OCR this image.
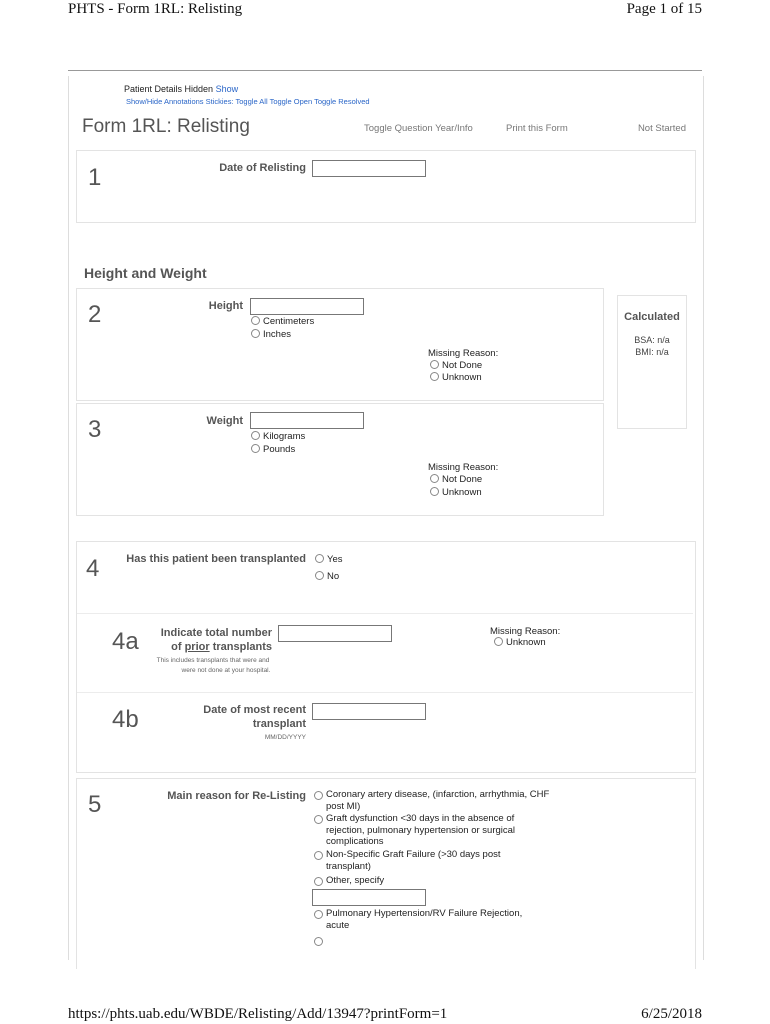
PHTS - Form 1RL: Relisting	Page 1 of 15
Patient Details Hidden Show
Show/Hide Annotations Stickies: Toggle All Toggle Open Toggle Resolved
Form 1RL: Relisting	Toggle Question Year/Info	Print this Form	Not Started
1	Date of Relisting
Height and Weight
2	Height
Centimeters
Inches
Missing Reason:
Not Done
Unknown
Calculated
BSA: n/a
BMI: n/a
3	Weight
Kilograms
Pounds
Missing Reason:
Not Done
Unknown
4	Has this patient been transplanted	Yes
No
4a	Indicate total number
of prior transplants
This includes transplants that were and
were not done at your hospital.
Missing Reason:
Unknown
4b	Date of most recent
transplant
MM/DD/YYYY
5	Main reason for Re-Listing	Coronary artery disease, (infarction, arrhythmia, CHF post MI)
Graft dysfunction <30 days in the absence of rejection, pulmonary hypertension or surgical complications
Non-Specific Graft Failure (>30 days post transplant)
Other, specify
Pulmonary Hypertension/RV Failure Rejection, acute
https://phts.uab.edu/WBDE/Relisting/Add/13947?printForm=1	6/25/2018
